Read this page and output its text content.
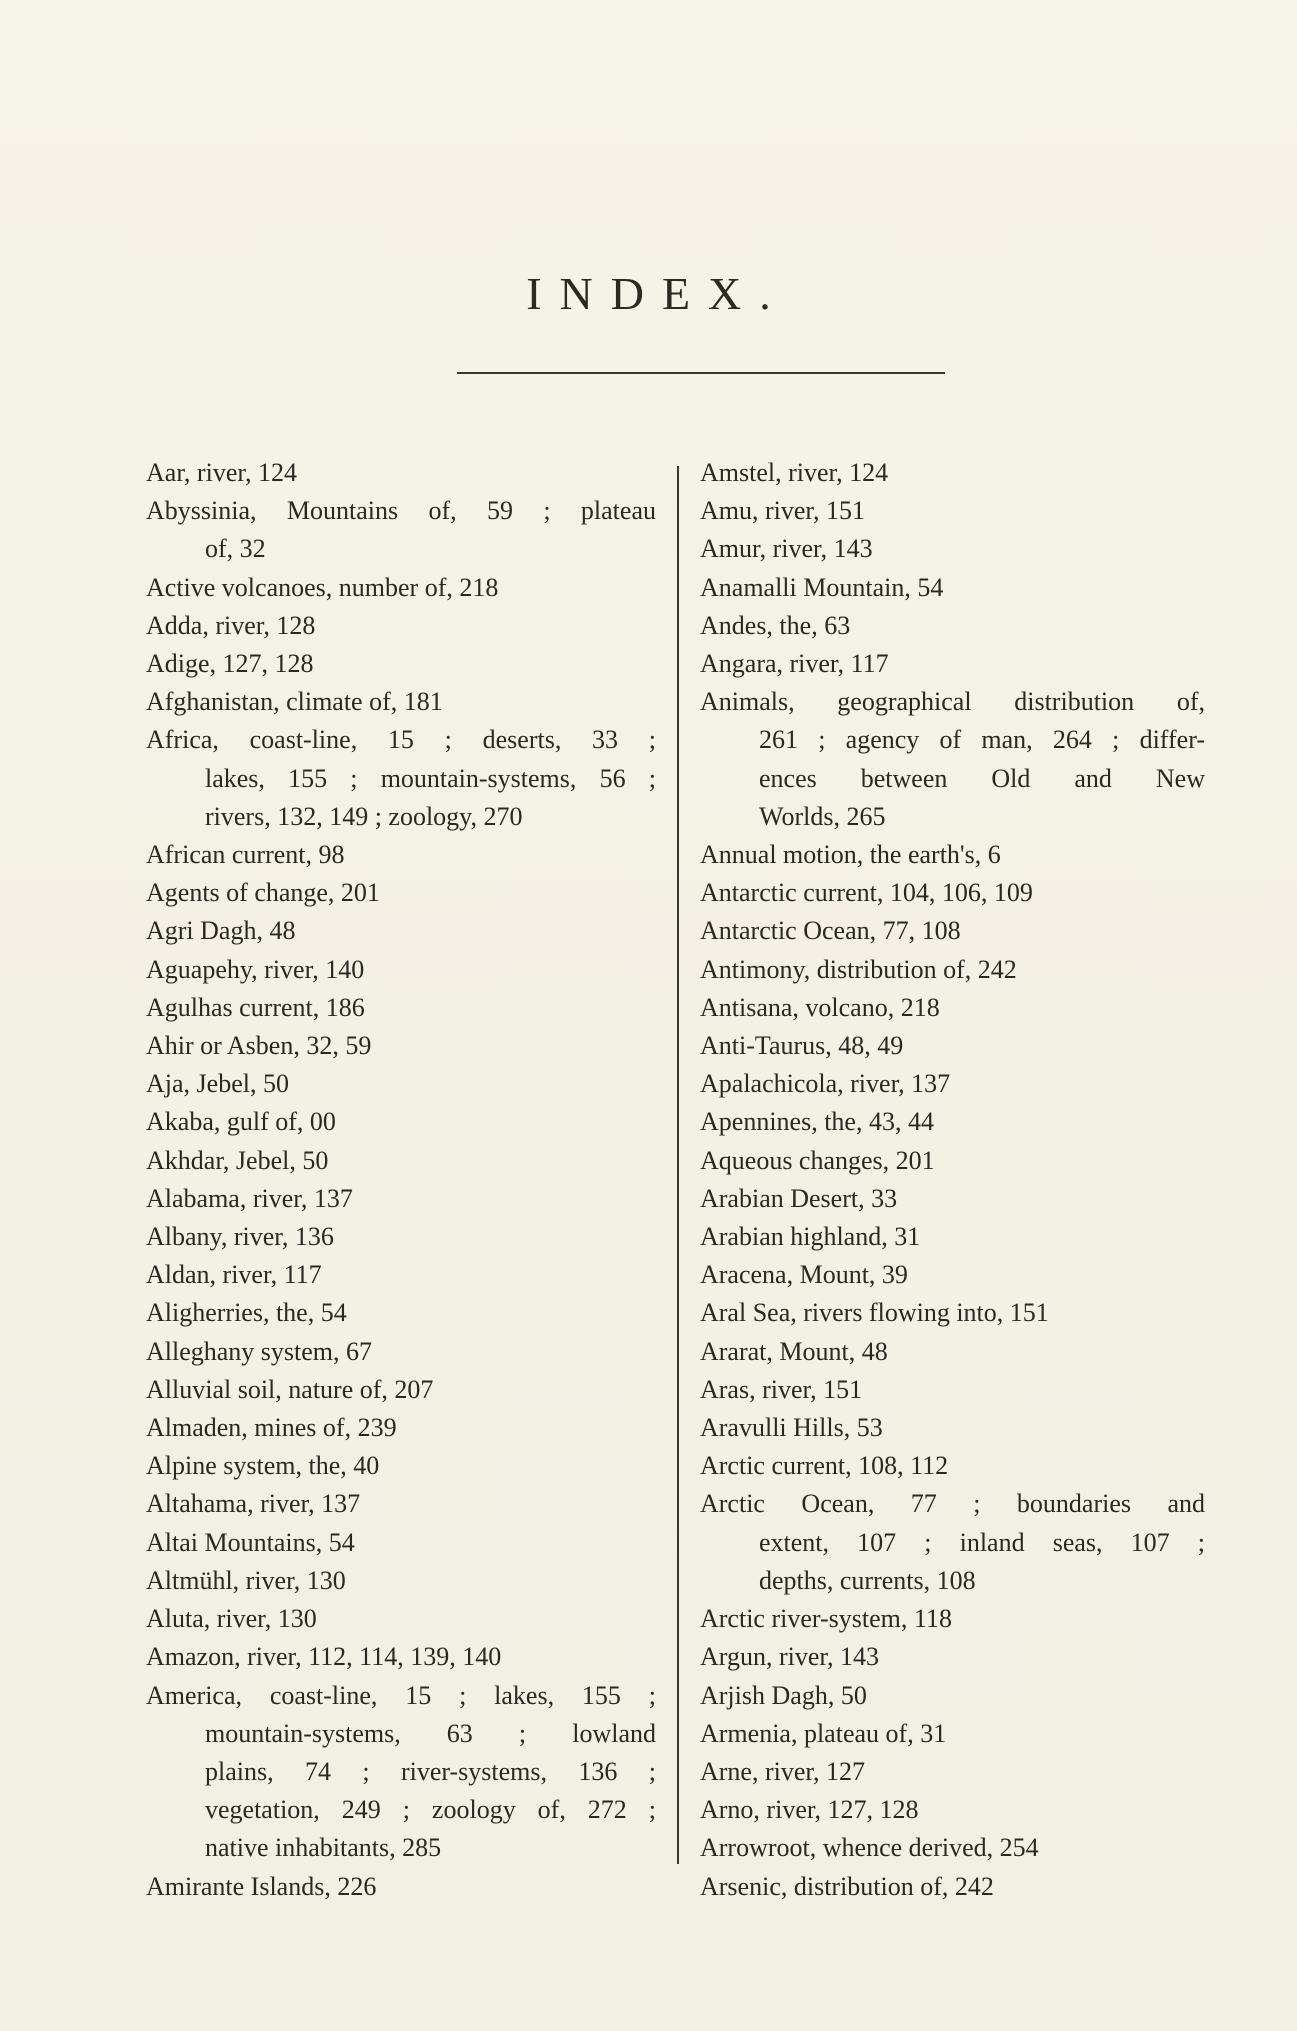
INDEX.
Aar, river, 124
Abyssinia, Mountains of, 59 ; plateau
of, 32
Active volcanoes, number of, 218
Adda, river, 128
Adige, 127, 128
Afghanistan, climate of, 181
Africa, coast-line, 15 ; deserts, 33 ;
lakes, 155 ; mountain-systems, 56 ;
rivers, 132, 149 ; zoology, 270
African current, 98
Agents of change, 201
Agri Dagh, 48
Aguapehy, river, 140
Agulhas current, 186
Ahir or Asben, 32, 59
Aja, Jebel, 50
Akaba, gulf of, 00
Akhdar, Jebel, 50
Alabama, river, 137
Albany, river, 136
Aldan, river, 117
Aligherries, the, 54
Alleghany system, 67
Alluvial soil, nature of, 207
Almaden, mines of, 239
Alpine system, the, 40
Altahama, river, 137
Altai Mountains, 54
Altmühl, river, 130
Aluta, river, 130
Amazon, river, 112, 114, 139, 140
America, coast-line, 15 ; lakes, 155 ;
mountain-systems, 63 ; lowland
plains, 74 ; river-systems, 136 ;
vegetation, 249 ; zoology of, 272 ;
native inhabitants, 285
Amirante Islands, 226
Amstel, river, 124
Amu, river, 151
Amur, river, 143
Anamalli Mountain, 54
Andes, the, 63
Angara, river, 117
Animals, geographical distribution of,
261 ; agency of man, 264 ; differ-
ences between Old and New
Worlds, 265
Annual motion, the earth's, 6
Antarctic current, 104, 106, 109
Antarctic Ocean, 77, 108
Antimony, distribution of, 242
Antisana, volcano, 218
Anti-Taurus, 48, 49
Apalachicola, river, 137
Apennines, the, 43, 44
Aqueous changes, 201
Arabian Desert, 33
Arabian highland, 31
Aracena, Mount, 39
Aral Sea, rivers flowing into, 151
Ararat, Mount, 48
Aras, river, 151
Aravulli Hills, 53
Arctic current, 108, 112
Arctic Ocean, 77 ; boundaries and
extent, 107 ; inland seas, 107 ;
depths, currents, 108
Arctic river-system, 118
Argun, river, 143
Arjish Dagh, 50
Armenia, plateau of, 31
Arne, river, 127
Arno, river, 127, 128
Arrowroot, whence derived, 254
Arsenic, distribution of, 242
